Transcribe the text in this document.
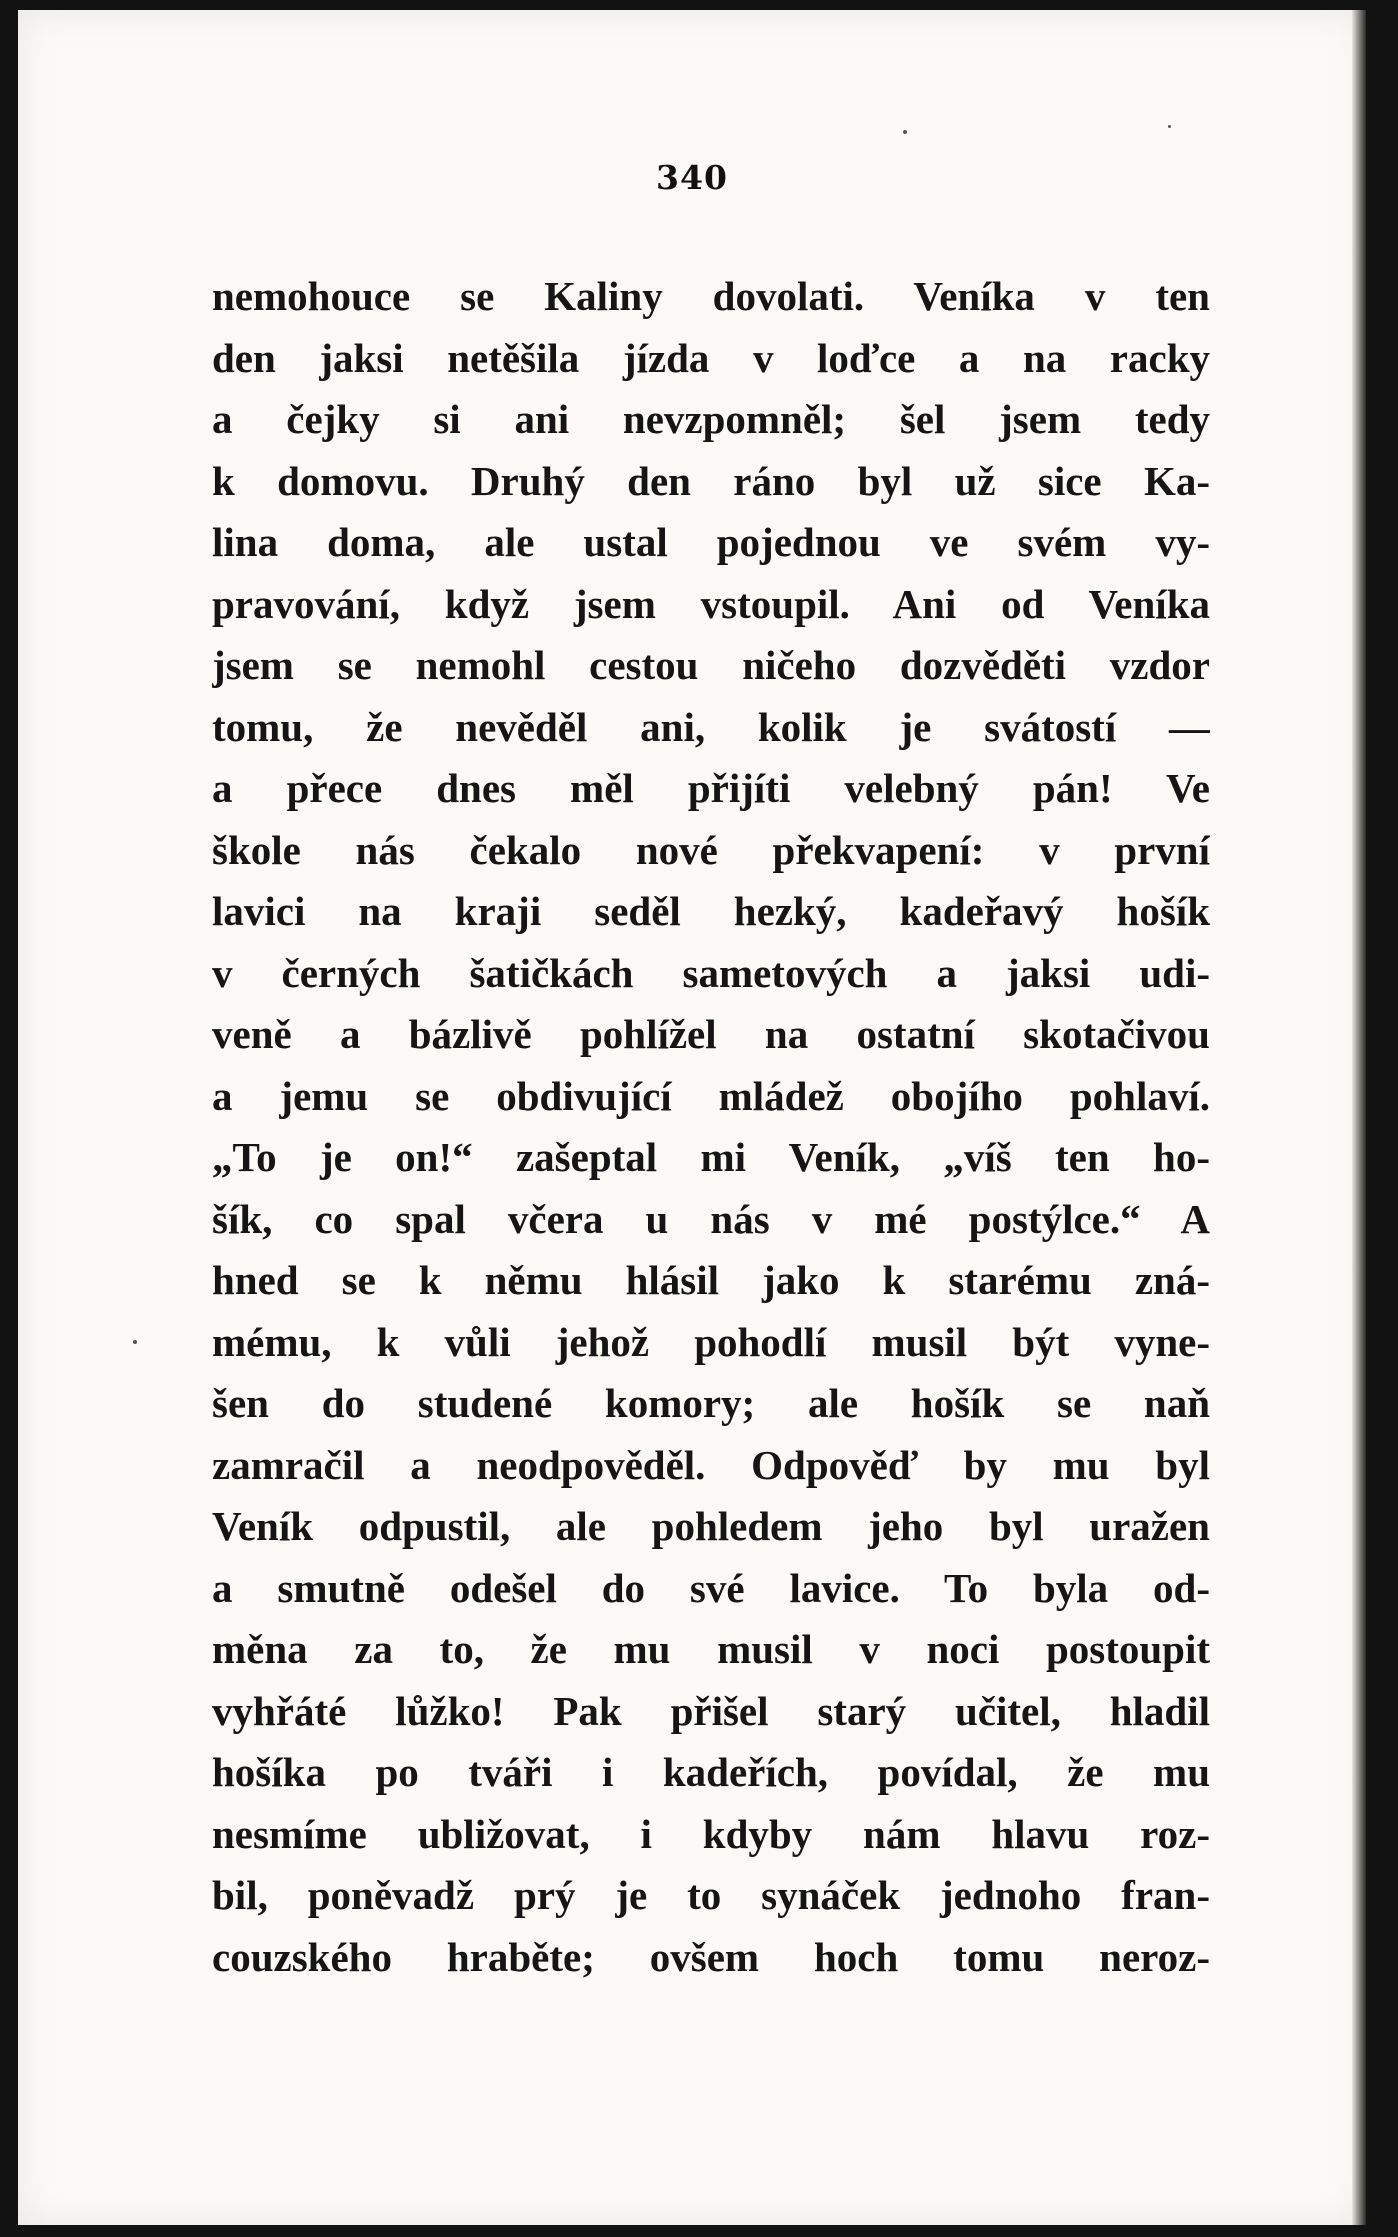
340
nemohouce se Kaliny dovolati. Veníka v ten
den jaksi netěšila jízda v loďce a na racky
a čejky si ani nevzpomněl; šel jsem tedy
k domovu. Druhý den ráno byl už sice Ka-
lina doma, ale ustal pojednou ve svém vy-
pravování, když jsem vstoupil. Ani od Veníka
jsem se nemohl cestou ničeho dozvěděti vzdor
tomu, že nevěděl ani, kolik je svátostí —
a přece dnes měl přijíti velebný pán! Ve
škole nás čekalo nové překvapení: v první
lavici na kraji seděl hezký, kadeřavý hošík
v černých šatičkách sametových a jaksi udi-
veně a bázlivě pohlížel na ostatní skotačivou
a jemu se obdivující mládež obojího pohlaví.
„To je on!“ zašeptal mi Veník, „víš ten ho-
šík, co spal včera u nás v mé postýlce.“ A
hned se k němu hlásil jako k starému zná-
mému, k vůli jehož pohodlí musil být vyne-
šen do studené komory; ale hošík se naň
zamračil a neodpověděl. Odpověď by mu byl
Veník odpustil, ale pohledem jeho byl uražen
a smutně odešel do své lavice. To byla od-
měna za to, že mu musil v noci postoupit
vyhřáté lůžko! Pak přišel starý učitel, hladil
hošíka po tváři i kadeřích, povídal, že mu
nesmíme ubližovat, i kdyby nám hlavu roz-
bil, poněvadž prý je to synáček jednoho fran-
couzského hraběte; ovšem hoch tomu neroz-
